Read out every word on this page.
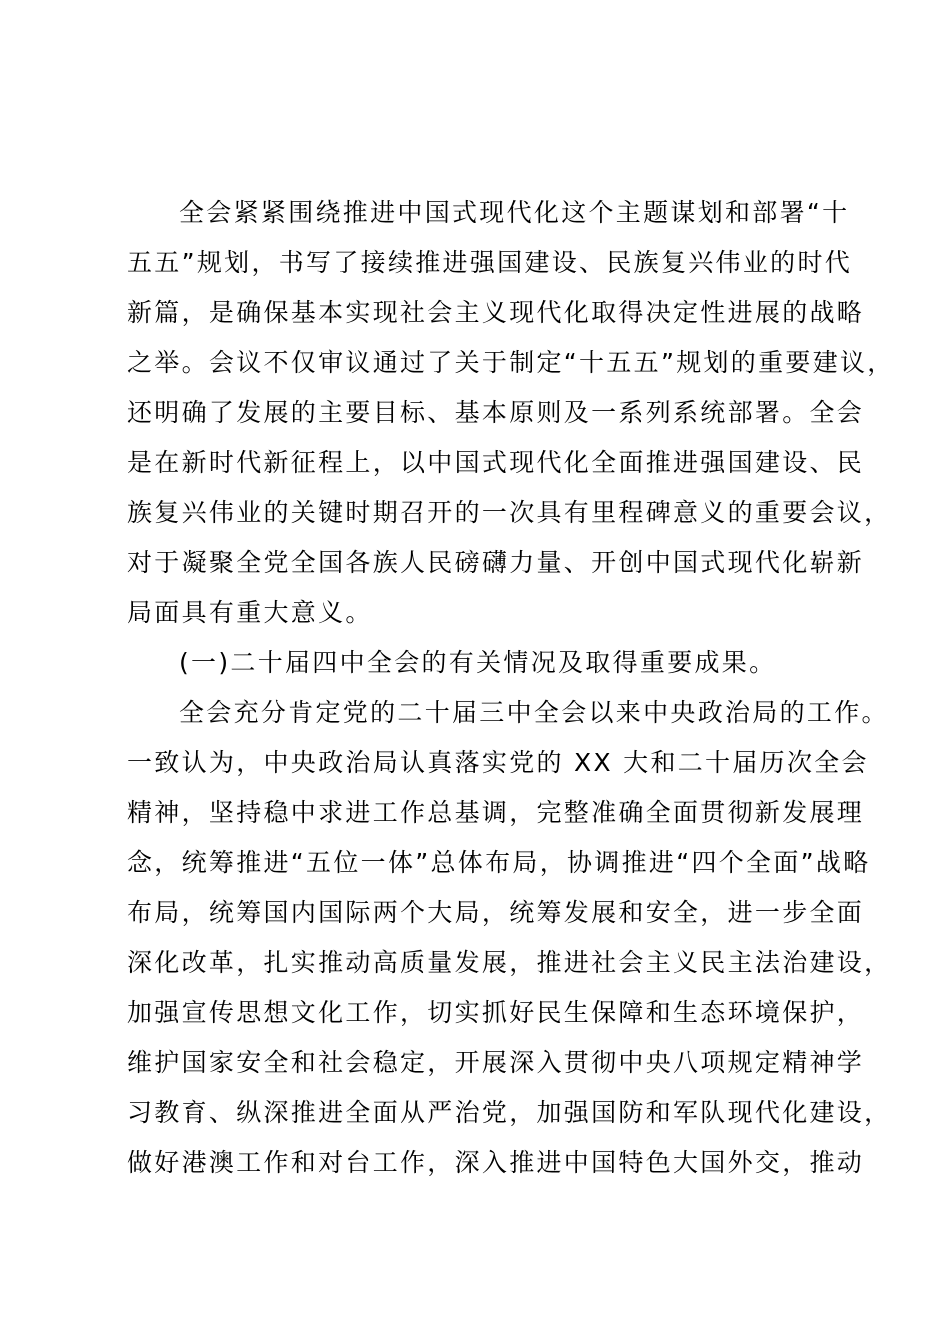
全会紧紧围绕推进中国式现代化这个主题谋划和部署“十
五五”规划，书写了接续推进强国建设、民族复兴伟业的时代
新篇，是确保基本实现社会主义现代化取得决定性进展的战略
之举。会议不仅审议通过了关于制定“十五五”规划的重要建议，
还明确了发展的主要目标、基本原则及一系列系统部署。全会
是在新时代新征程上，以中国式现代化全面推进强国建设、民
族复兴伟业的关键时期召开的一次具有里程碑意义的重要会议，
对于凝聚全党全国各族人民磅礴力量、开创中国式现代化崭新
局面具有重大意义。
(一)二十届四中全会的有关情况及取得重要成果。
全会充分肯定党的二十届三中全会以来中央政治局的工作。
一致认为，中央政治局认真落实党的 XX 大和二十届历次全会
精神，坚持稳中求进工作总基调，完整准确全面贯彻新发展理
念，统筹推进“五位一体”总体布局，协调推进“四个全面”战略
布局，统筹国内国际两个大局，统筹发展和安全，进一步全面
深化改革，扎实推动高质量发展，推进社会主义民主法治建设，
加强宣传思想文化工作，切实抓好民生保障和生态环境保护，
维护国家安全和社会稳定，开展深入贯彻中央八项规定精神学
习教育、纵深推进全面从严治党，加强国防和军队现代化建设，
做好港澳工作和对台工作，深入推进中国特色大国外交，推动
